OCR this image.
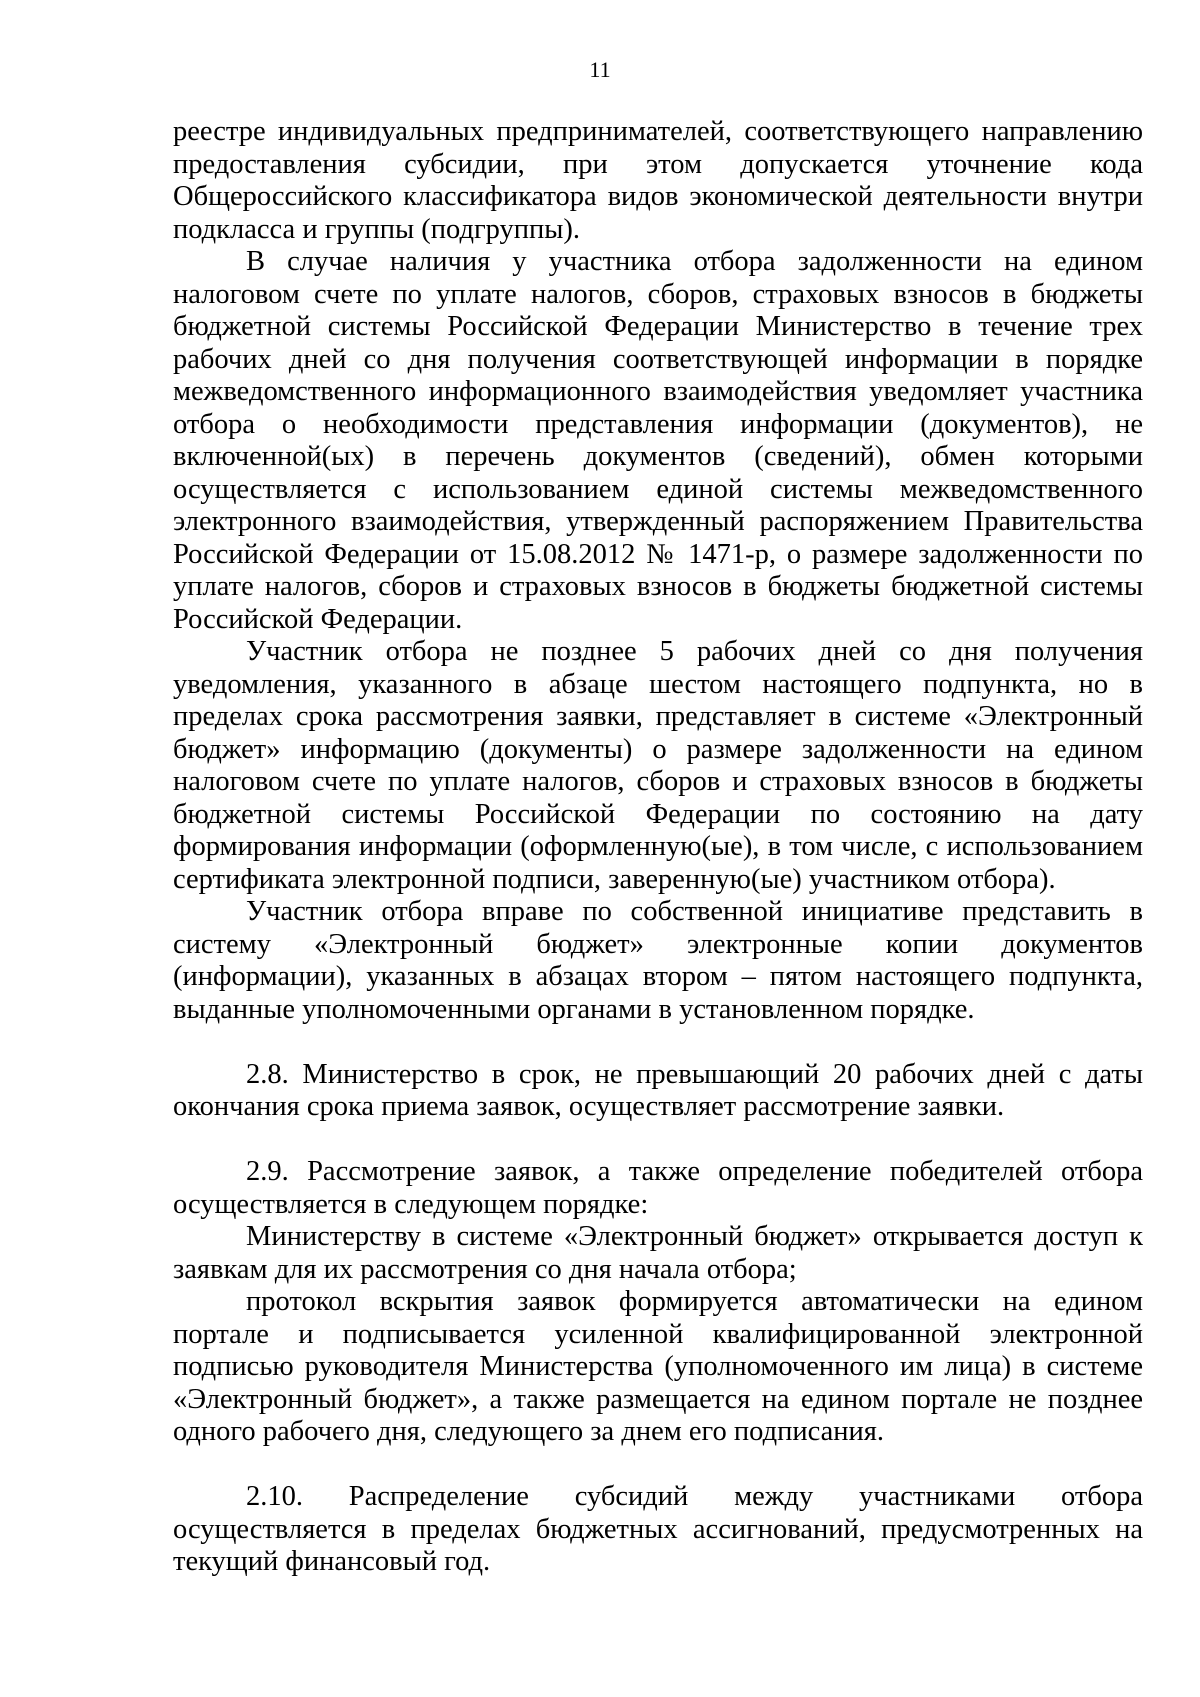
11

реестре индивидуальных предпринимателей, соответствующего направлению предоставления субсидии, при этом допускается уточнение кода Общероссийского классификатора видов экономической деятельности внутри подкласса и группы (подгруппы).

В случае наличия у участника отбора задолженности на едином налоговом счете по уплате налогов, сборов, страховых взносов в бюджеты бюджетной системы Российской Федерации Министерство в течение трех рабочих дней со дня получения соответствующей информации в порядке межведомственного информационного взаимодействия уведомляет участника отбора о необходимости представления информации (документов), не включенной(ых) в перечень документов (сведений), обмен которыми осуществляется с использованием единой системы межведомственного электронного взаимодействия, утвержденный распоряжением Правительства Российской Федерации от 15.08.2012 № 1471-р, о размере задолженности по уплате налогов, сборов и страховых взносов в бюджеты бюджетной системы Российской Федерации.

Участник отбора не позднее 5 рабочих дней со дня получения уведомления, указанного в абзаце шестом настоящего подпункта, но в пределах срока рассмотрения заявки, представляет в системе «Электронный бюджет» информацию (документы) о размере задолженности на едином налоговом счете по уплате налогов, сборов и страховых взносов в бюджеты бюджетной системы Российской Федерации по состоянию на дату формирования информации (оформленную(ые), в том числе, с использованием сертификата электронной подписи, заверенную(ые) участником отбора).

Участник отбора вправе по собственной инициативе представить в систему «Электронный бюджет» электронные копии документов (информации), указанных в абзацах втором – пятом настоящего подпункта, выданные уполномоченными органами в установленном порядке.

2.8. Министерство в срок, не превышающий 20 рабочих дней с даты окончания срока приема заявок, осуществляет рассмотрение заявки.

2.9. Рассмотрение заявок, а также определение победителей отбора осуществляется в следующем порядке:

Министерству в системе «Электронный бюджет» открывается доступ к заявкам для их рассмотрения со дня начала отбора;

протокол вскрытия заявок формируется автоматически на едином портале и подписывается усиленной квалифицированной электронной подписью руководителя Министерства (уполномоченного им лица) в системе «Электронный бюджет», а также размещается на едином портале не позднее одного рабочего дня, следующего за днем его подписания.

2.10. Распределение субсидий между участниками отбора осуществляется в пределах бюджетных ассигнований, предусмотренных на текущий финансовый год.
